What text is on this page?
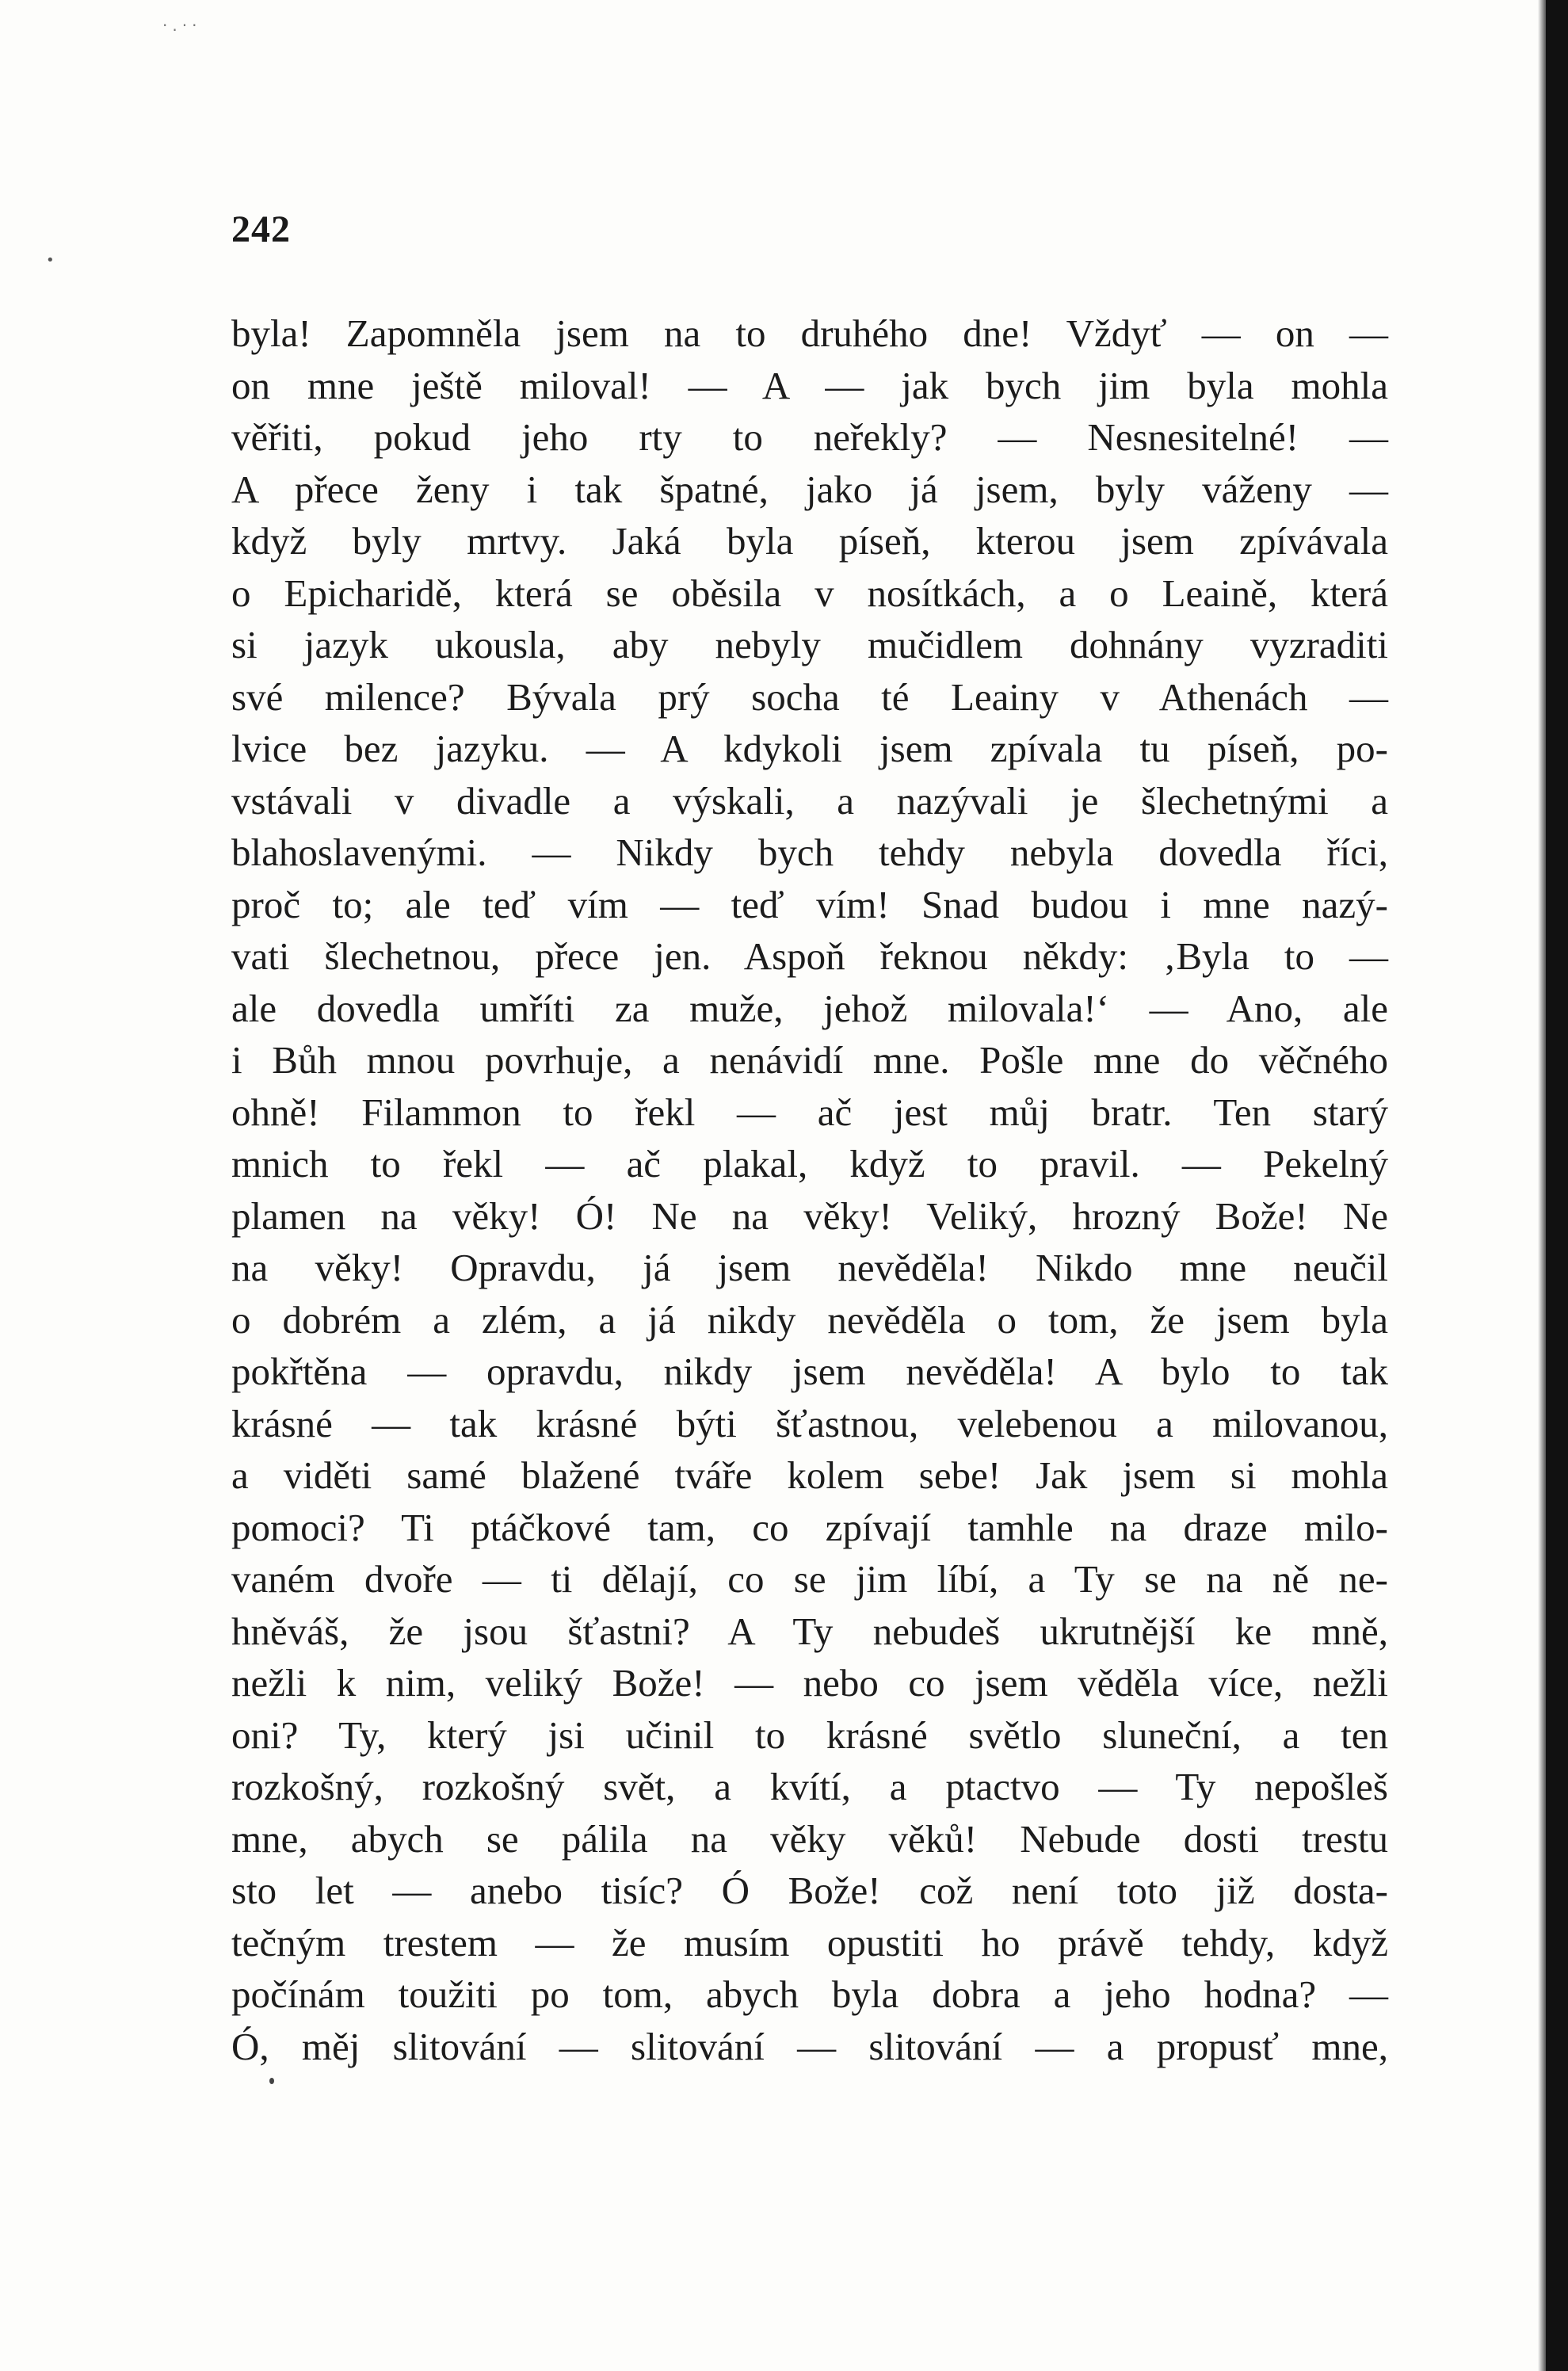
·.··
•
242
byla! Zapomněla jsem na to druhého dne! Vždyť — on —
on mne ještě miloval! — A — jak bych jim byla mohla
věřiti, pokud jeho rty to neřekly? — Nesnesitelné! —
A přece ženy i tak špatné, jako já jsem, byly váženy —
když byly mrtvy. Jaká byla píseň, kterou jsem zpívávala
o Epicharidě, která se oběsila v nosítkách, a o Leaině, která
si jazyk ukousla, aby nebyly mučidlem dohnány vyzraditi
své milence? Bývala prý socha té Leainy v Athenách —
lvice bez jazyku. — A kdykoli jsem zpívala tu píseň, po-
vstávali v divadle a výskali, a nazývali je šlechetnými a
blahoslavenými. — Nikdy bych tehdy nebyla dovedla říci,
proč to; ale teď vím — teď vím! Snad budou i mne nazý-
vati šlechetnou, přece jen. Aspoň řeknou někdy: ‚Byla to —
ale dovedla umříti za muže, jehož milovala!‘ — Ano, ale
i Bůh mnou povrhuje, a nenávidí mne. Pošle mne do věčného
ohně! Filammon to řekl — ač jest můj bratr. Ten starý
mnich to řekl — ač plakal, když to pravil. — Pekelný
plamen na věky! Ó! Ne na věky! Veliký, hrozný Bože! Ne
na věky! Opravdu, já jsem nevěděla! Nikdo mne neučil
o dobrém a zlém, a já nikdy nevěděla o tom, že jsem byla
pokřtěna — opravdu, nikdy jsem nevěděla! A bylo to tak
krásné — tak krásné býti šťastnou, velebenou a milovanou,
a viděti samé blažené tváře kolem sebe! Jak jsem si mohla
pomoci? Ti ptáčkové tam, co zpívají tamhle na draze milo-
vaném dvoře — ti dělají, co se jim líbí, a Ty se na ně ne-
hněváš, že jsou šťastni? A Ty nebudeš ukrutnější ke mně,
nežli k nim, veliký Bože! — nebo co jsem věděla více, nežli
oni? Ty, který jsi učinil to krásné světlo sluneční, a ten
rozkošný, rozkošný svět, a kvítí, a ptactvo — Ty nepošleš
mne, abych se pálila na věky věků! Nebude dosti trestu
sto let — anebo tisíc? Ó Bože! což není toto již dosta-
tečným trestem — že musím opustiti ho právě tehdy, když
počínám toužiti po tom, abych byla dobra a jeho hodna? —
Ó, měj slitování — slitování — slitování — a propusť mne,
